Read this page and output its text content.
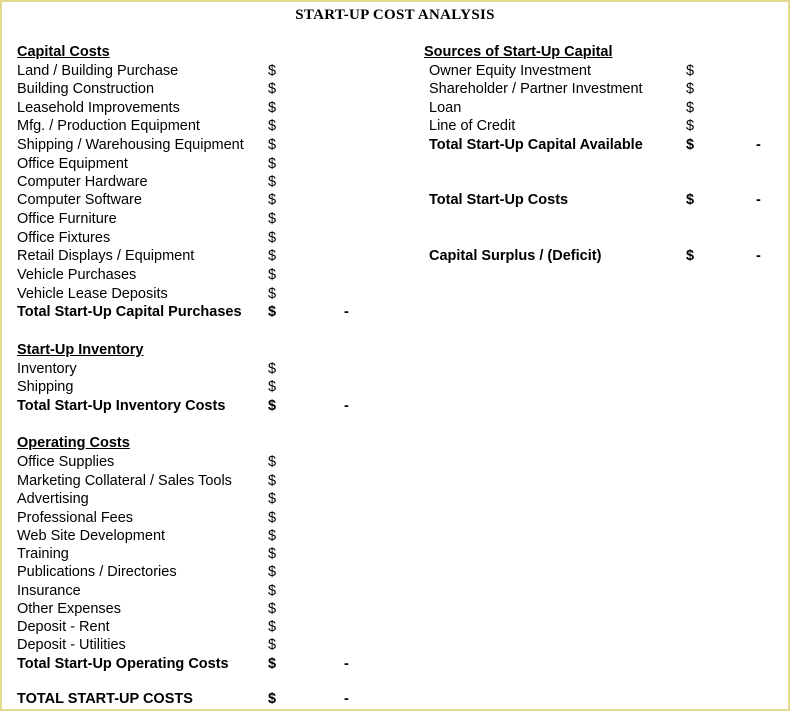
START-UP COST ANALYSIS
Capital Costs
Land / Building Purchase	$
Building Construction	$
Leasehold Improvements	$
Mfg. / Production Equipment	$
Shipping / Warehousing Equipment $
Office Equipment	$
Computer Hardware	$
Computer Software	$
Office Furniture	$
Office Fixtures	$
Retail Displays / Equipment	$
Vehicle Purchases	$
Vehicle Lease Deposits	$
Total Start-Up Capital Purchases $	-
Start-Up Inventory
Inventory	$
Shipping	$
Total Start-Up Inventory Costs	$	-
Operating Costs
Office Supplies	$
Marketing Collateral / Sales Tools $
Advertising	$
Professional Fees	$
Web Site Development	$
Training	$
Publications / Directories	$
Insurance	$
Other Expenses	$
Deposit - Rent	$
Deposit - Utilities	$
Total Start-Up Operating Costs	$	-
TOTAL START-UP COSTS	$	-
Sources of Start-Up Capital
Owner Equity Investment	$
Shareholder / Partner Investment	$
Loan	$
Line of Credit	$
Total Start-Up Capital Available	$	-
Total Start-Up Costs	$	-
Capital Surplus / (Deficit)	$	-
